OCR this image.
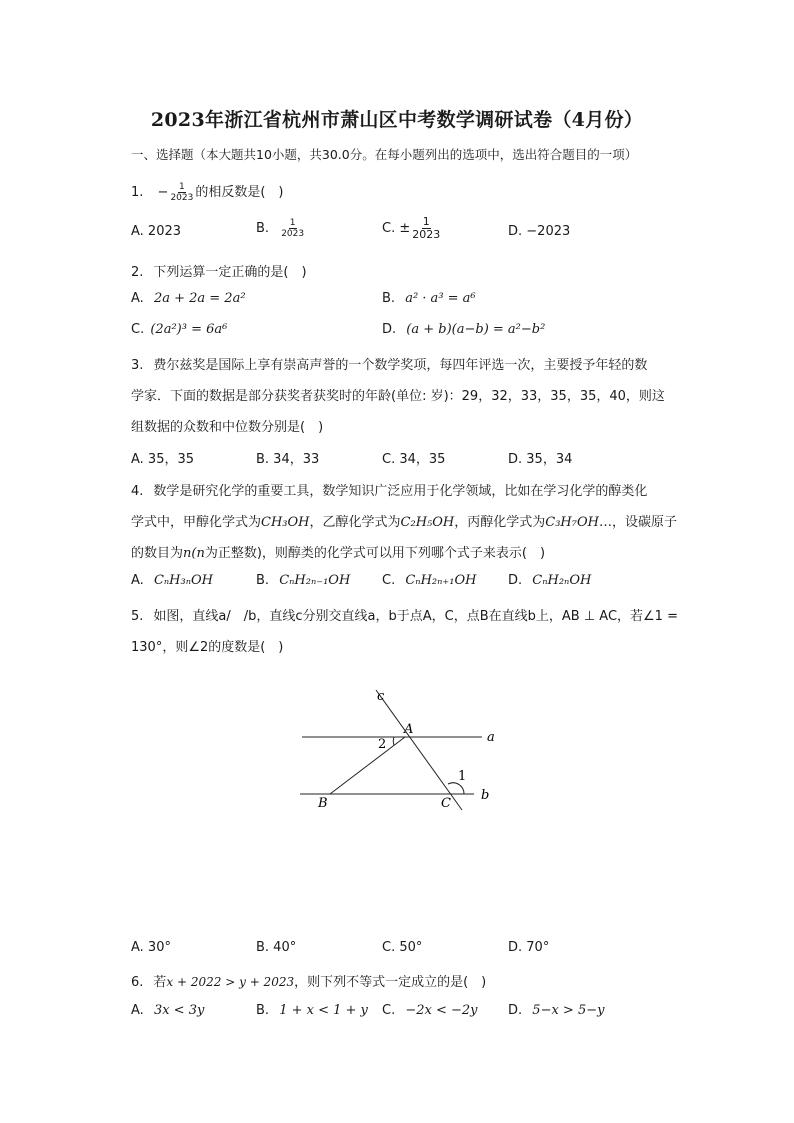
2023年浙江省杭州市萧山区中考数学调研试卷（4月份）
一、选择题（本大题共10小题，共30.0分。在每小题列出的选项中，选出符合题目的一项）
1. − $\frac{1}{2023}$ 的相反数是(　)
A. 2023	B. $\frac{1}{2023}$	C. ± $\frac{1}{2023}$	D. −2023
2. 下列运算一定正确的是(　)
A. 2a + 2a = 2a²	B. a² · a³ = a⁶
C. (2a²)³ = 6a⁶	D. (a + b)(a−b) = a²−b²
3. 费尔兹奖是国际上享有崇高声誉的一个数学奖项，每四年评选一次，主要授予年轻的数
学家．下面的数据是部分获奖者获奖时的年龄(单位: 岁)：29，32，33，35，35，40，则这
组数据的众数和中位数分别是(　)
A. 35，35	B. 34，33	C. 34，35	D. 35，34
4. 数学是研究化学的重要工具，数学知识广泛应用于化学领域，比如在学习化学的醇类化
学式中，甲醇化学式为CH₃OH，乙醇化学式为C₂H₅OH，丙醇化学式为C₃H₇OH…，设碳原子
的数目为n(n为正整数)，则醇类的化学式可以用下列哪个式子来表示(　)
A. CₙH₃ₙOH	B. CₙH₂ₙ₋₁OH C. CₙH₂ₙ₊₁OH D. CₙH₂ₙOH
5. 如图，直线a/　/b，直线c分别交直线a，b于点A，C，点B在直线b上，AB ⊥ AC，若∠1 =
130°，则∠2的度数是(　)
c
a
b
A
B	C
1
2
A. 30°	B. 40°	C. 50°	D. 70°
6. 若x + 2022 > y + 2023，则下列不等式一定成立的是(　)
A. 3x < 3y	B. 1 + x < 1 + y C. −2x < −2y D. 5−x > 5−y
